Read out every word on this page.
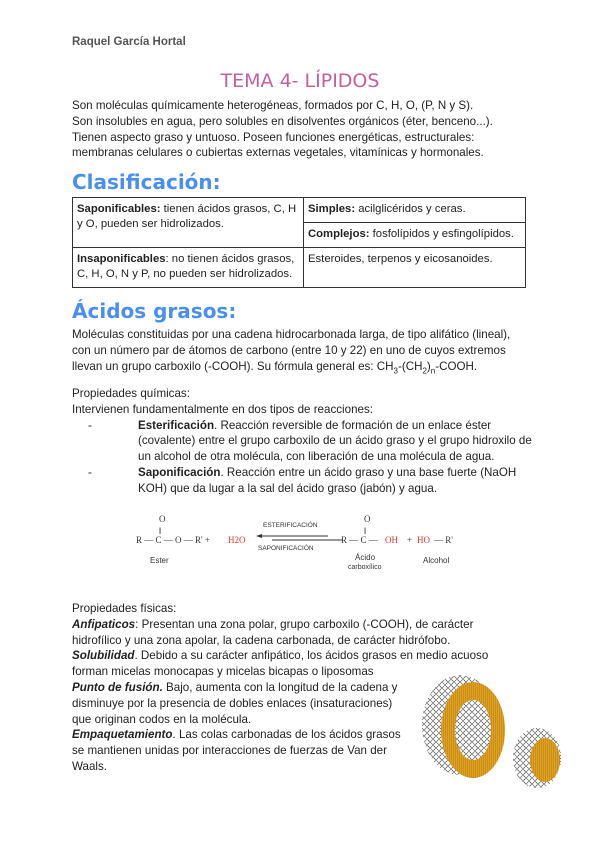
Raquel García Hortal
TEMA 4- LÍPIDOS
Son moléculas químicamente heterogéneas, formados por C, H, O, (P, N y S).
Son insolubles en agua, pero solubles en disolventes orgánicos (éter, benceno...).
Tienen aspecto graso y untuoso. Poseen funciones energéticas, estructurales: membranas celulares o cubiertas externas vegetales, vitamínicas y hormonales.
Clasificación:
Saponificables: tienen ácidos grasos, C, H y O, pueden ser hidrolizados.	Simples: acilglicéridos y ceras.
	Complejos: fosfolípidos y esfingolípidos.
Insaponificables: no tienen ácidos grasos, C, H, O, N y P, no pueden ser hidrolizados.	Esteroides, terpenos y eicosanoides.
Ácidos grasos:
Moléculas constituidas por una cadena hidrocarbonada larga, de tipo alifático (lineal), con un número par de átomos de carbono (entre 10 y 22) en uno de cuyos extremos llevan un grupo carboxilo (-COOH). Su fórmula general es: $CH_3-(CH_2)_n$-COOH.
Propiedades químicas:
Intervienen fundamentalmente en dos tipos de reacciones:
- Esterificación. Reacción reversible de formación de un enlace éster (covalente) entre el grupo carboxilo de un ácido graso y el grupo hidroxilo de un alcohol de otra molécula, con liberación de una molécula de agua.
- Saponificación. Reacción entre un ácido graso y una base fuerte (NaOH KOH) que da lugar a la sal del ácido graso (jabón) y agua.
O
‖
R — C — O — R' + H2O
Ester
ESTERIFICACIÓN
SAPONIFICACIÓN
O
‖
R — C — OH + HO — R'
Ácido
carboxílico
Alcohol
Propiedades físicas:
Anfipaticos: Presentan una zona polar, grupo carboxilo (-COOH), de carácter hidrofílico y una zona apolar, la cadena carbonada, de carácter hidrófobo.
Solubilidad. Debido a su carácter anfipático, los ácidos grasos en medio acuoso forman micelas monocapas y micelas bicapas o liposomas
Punto de fusión. Bajo, aumenta con la longitud de la cadena y disminuye por la presencia de dobles enlaces (insaturaciones) que originan codos en la molécula.
Empaquetamiento. Las colas carbonadas de los ácidos grasos se mantienen unidas por interacciones de fuerzas de Van der Waals.
